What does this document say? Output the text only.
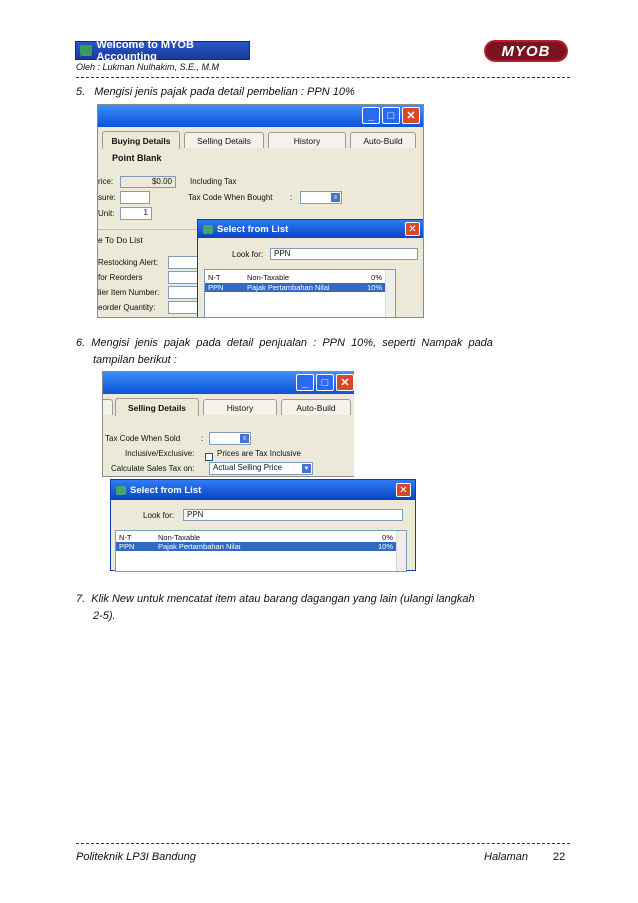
Welcome to MYOB Accounting	MYOB
Oleh : Lukman Nulhakim, S.E., M.M
5. Mengisi jenis pajak pada detail pembelian : PPN 10%
_	□	✕
Buying Details	Selling Details	History	Auto-Build
Point Blank
rice:	$0.00	Including Tax
sure:	Tax Code When Bought :	≡
Unit:	1
e To Do List
Restocking Alert:
for Reorders
lier Item Number:
eorder Quantity:
Select from List	✕
Look for:	PPN
N-T	Non-Taxable	0%
PPN	Pajak Pertambahan Nilai	10%
6. Mengisi  jenis  pajak  pada  detail  penjualan  :  PPN  10%,  seperti  Nampak  pada
tampilan berikut :
_	□	✕
Selling Details	History	Auto-Build
Tax Code When Sold	:	≡
Inclusive/Exclusive:	Prices are Tax Inclusive
Calculate Sales Tax on:	Actual Selling Price	▼
Select from List	✕
Look for:	PPN
N-T	Non-Taxable	0%
PPN	Pajak Pertambahan Nilai	10%
7. Klik New untuk mencatat item atau barang dagangan yang lain (ulangi langkah
2-5).
Politeknik LP3I Bandung	Halaman 22
